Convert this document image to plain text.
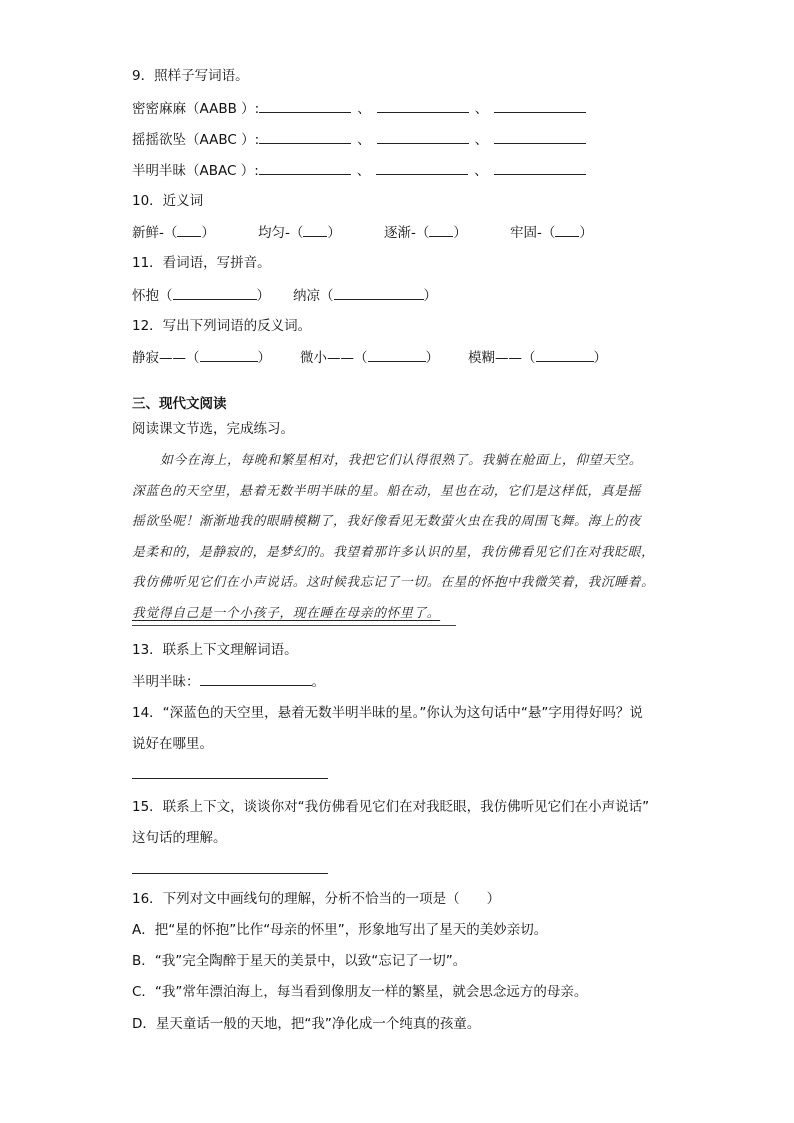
9．照样子写词语。
密密麻麻（AABB ）:	、	、
摇摇欲坠（AABC ）:	、	、
半明半昧（ABAC ）:	、	、
10．近义词
新鲜-（ ）	均匀-（ ）	逐渐-（ ）	牢固-（ ）
11．看词语，写拼音。
怀抱（	） 纳凉（	）
12．写出下列词语的反义词。
静寂——（	） 微小——（	） 模糊——（	）
三、现代文阅读
阅读课文节选，完成练习。
如今在海上，每晚和繁星相对，我把它们认得很熟了。我躺在舱面上，仰望天空。
深蓝色的天空里，悬着无数半明半昧的星。船在动，星也在动，它们是这样低，真是摇
摇欲坠呢！渐渐地我的眼睛模糊了，我好像看见无数萤火虫在我的周围飞舞。海上的夜
是柔和的，是静寂的，是梦幻的。我望着那许多认识的星，我仿佛看见它们在对我眨眼，
我仿佛听见它们在小声说话。这时候我忘记了一切。在星的怀抱中我微笑着，我沉睡着。
我觉得自己是一个小孩子，现在睡在母亲的怀里了。
13．联系上下文理解词语。
半明半昧：	。
14．“深蓝色的天空里，悬着无数半明半昧的星。”你认为这句话中“悬”字用得好吗？说
说好在哪里。
15．联系上下文，谈谈你对“我仿佛看见它们在对我眨眼，我仿佛听见它们在小声说话”
这句话的理解。
16．下列对文中画线句的理解，分析不恰当的一项是（　　）
A．把“星的怀抱”比作“母亲的怀里”，形象地写出了星天的美妙亲切。
B．“我”完全陶醉于星天的美景中，以致“忘记了一切”。
C．“我”常年漂泊海上，每当看到像朋友一样的繁星，就会思念远方的母亲。
D．星天童话一般的天地，把“我”净化成一个纯真的孩童。
